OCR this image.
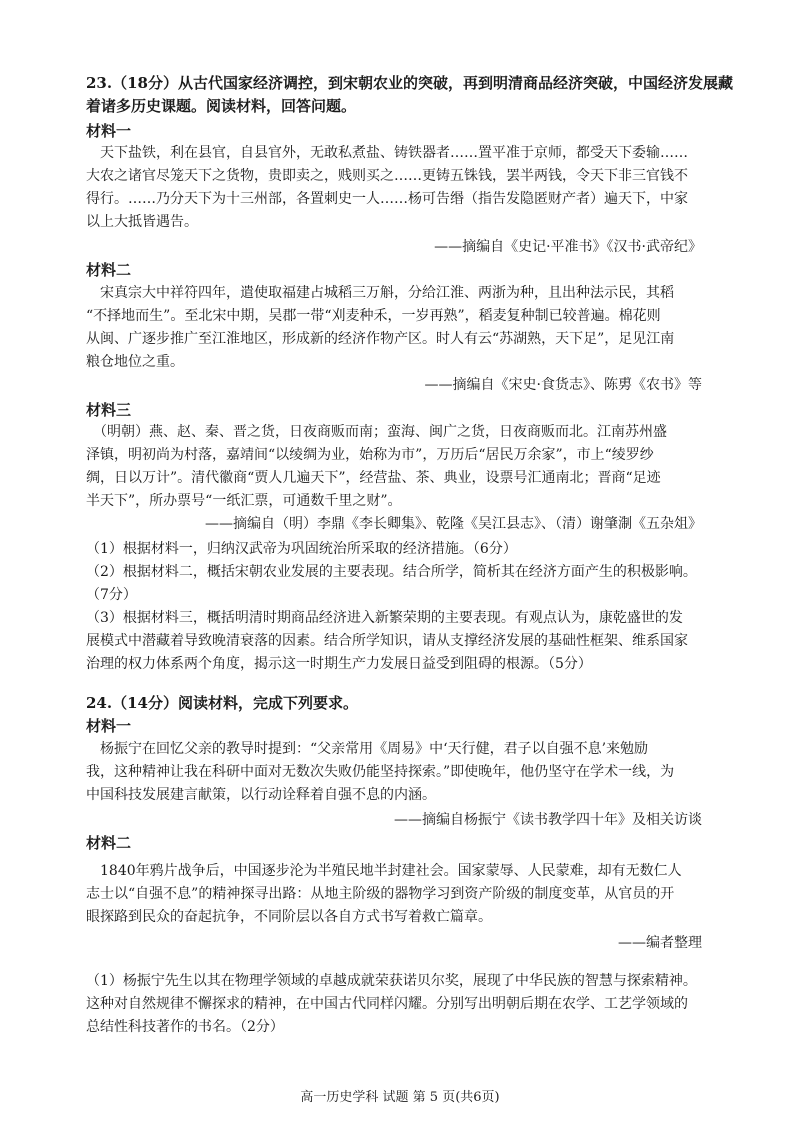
23.（18分）从古代国家经济调控，到宋朝农业的突破，再到明清商品经济突破，中国经济发展藏
着诸多历史课题。阅读材料，回答问题。
材料一
　天下盐铁，利在县官，自县官外，无敢私煮盐、铸铁器者……置平准于京师，都受天下委输……
大农之诸官尽笼天下之货物，贵即卖之，贱则买之……更铸五铢钱，罢半两钱，令天下非三官钱不
得行。……乃分天下为十三州部，各置刺史一人……杨可告缗（指告发隐匿财产者）遍天下，中家
以上大抵皆遇告。
——摘编自《史记·平准书》《汉书·武帝纪》
材料二
　宋真宗大中祥符四年，遣使取福建占城稻三万斛，分给江淮、两浙为种，且出种法示民，其稻
“不择地而生”。至北宋中期，吴郡一带“刈麦种禾，一岁再熟”，稻麦复种制已较普遍。棉花则
从闽、广逐步推广至江淮地区，形成新的经济作物产区。时人有云“苏湖熟，天下足”，足见江南
粮仓地位之重。
——摘编自《宋史·食货志》、陈旉《农书》等
材料三
　（明朝）燕、赵、秦、晋之货，日夜商贩而南；蛮海、闽广之货，日夜商贩而北。江南苏州盛
泽镇，明初尚为村落，嘉靖间“以绫绸为业，始称为市”，万历后“居民万余家”，市上“绫罗纱
绸，日以万计”。清代徽商“贾人几遍天下”，经营盐、茶、典业，设票号汇通南北；晋商“足迹
半天下”，所办票号“一纸汇票，可通数千里之财”。
——摘编自（明）李鼎《李长卿集》、乾隆《吴江县志》、（清）谢肇淛《五杂俎》
（1）根据材料一，归纳汉武帝为巩固统治所采取的经济措施。（6分）
（2）根据材料二，概括宋朝农业发展的主要表现。结合所学，简析其在经济方面产生的积极影响。
（7分）
（3）根据材料三，概括明清时期商品经济进入新繁荣期的主要表现。有观点认为，康乾盛世的发
展模式中潜藏着导致晚清衰落的因素。结合所学知识，请从支撑经济发展的基础性框架、维系国家
治理的权力体系两个角度，揭示这一时期生产力发展日益受到阻碍的根源。（5分）
24.（14分）阅读材料，完成下列要求。
材料一
　杨振宁在回忆父亲的教导时提到：“父亲常用《周易》中‘天行健，君子以自强不息’来勉励
我，这种精神让我在科研中面对无数次失败仍能坚持探索。”即使晚年，他仍坚守在学术一线，为
中国科技发展建言献策，以行动诠释着自强不息的内涵。
——摘编自杨振宁《读书教学四十年》及相关访谈
材料二
　1840年鸦片战争后，中国逐步沦为半殖民地半封建社会。国家蒙辱、人民蒙难，却有无数仁人
志士以“自强不息”的精神探寻出路：从地主阶级的器物学习到资产阶级的制度变革，从官员的开
眼探路到民众的奋起抗争，不同阶层以各自方式书写着救亡篇章。
——编者整理
（1）杨振宁先生以其在物理学领域的卓越成就荣获诺贝尔奖，展现了中华民族的智慧与探索精神。
这种对自然规律不懈探求的精神，在中国古代同样闪耀。分别写出明朝后期在农学、工艺学领域的
总结性科技著作的书名。（2分）
高一历史学科 试题 第 5 页(共6页)
